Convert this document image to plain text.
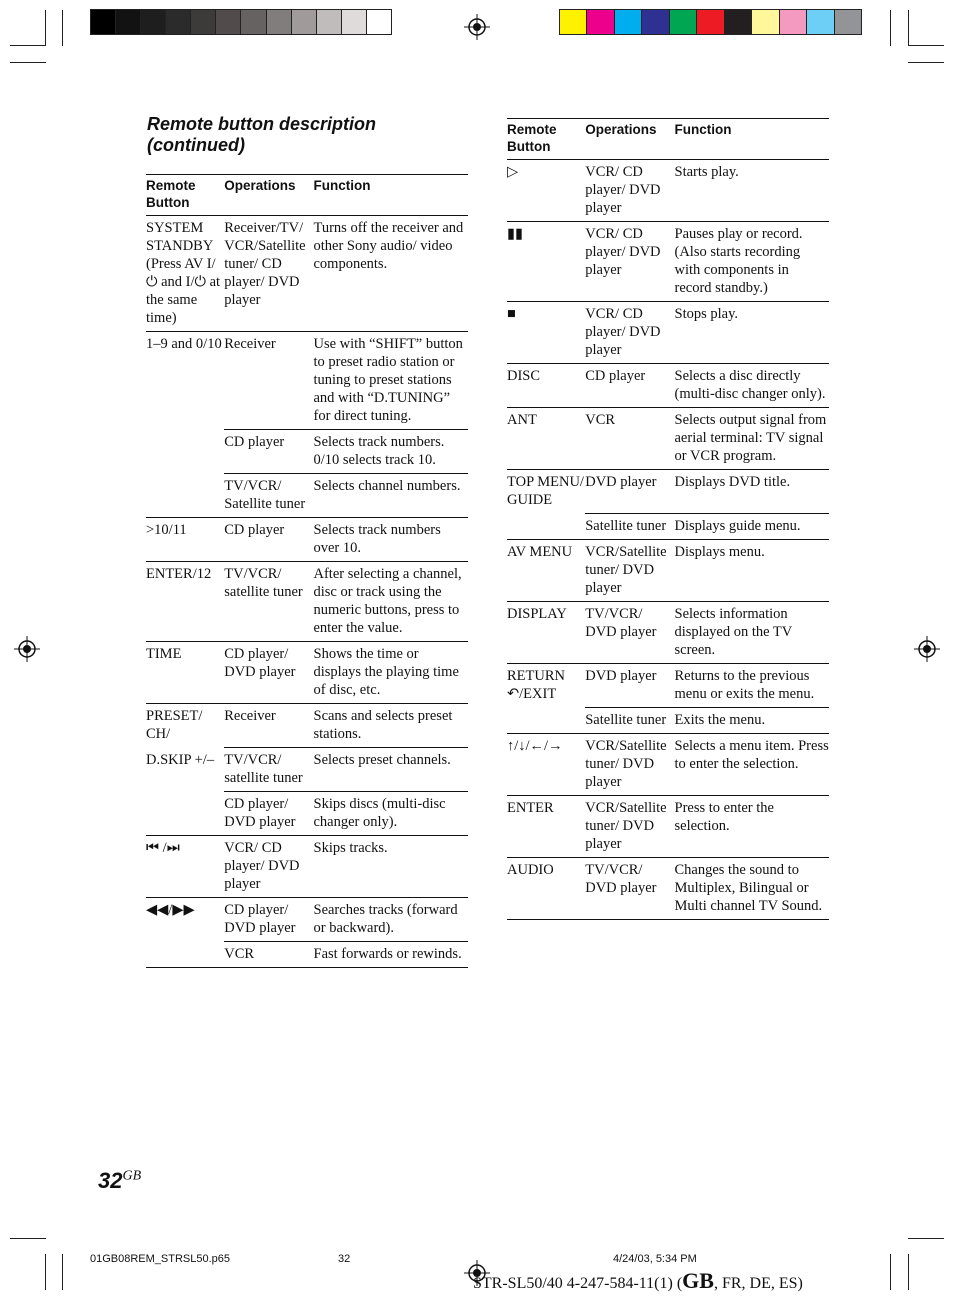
Remote button description
(continued)
Remote Button	Operations	Function
SYSTEM STANDBY (Press AV I/⏻ and I/⏻ at the same time)	Receiver/TV/ VCR/Satellite tuner/ CD player/ DVD player	Turns off the receiver and other Sony audio/ video components.
1–9 and 0/10	Receiver	Use with “SHIFT” button to preset radio station or tuning to preset stations and with “D.TUNING” for direct tuning.
	CD player	Selects track numbers. 0/10 selects track 10.
	TV/VCR/ Satellite tuner	Selects channel numbers.
>10/11	CD player	Selects track numbers over 10.
ENTER/12	TV/VCR/ satellite tuner	After selecting a channel, disc or track using the numeric buttons, press to enter the value.
TIME	CD player/ DVD player	Shows the time or displays the playing time of disc, etc.
PRESET/ CH/	Receiver	Scans and selects preset stations.
D.SKIP +/–	TV/VCR/ satellite tuner	Selects preset channels.
	CD player/ DVD player	Skips discs (multi-disc changer only).
⏮ /⏭	VCR/ CD player/ DVD player	Skips tracks.
◀◀/▶▶	CD player/ DVD player	Searches tracks (forward or backward).
	VCR	Fast forwards or rewinds.
Remote Button	Operations	Function
▷	VCR/ CD player/ DVD player	Starts play.
▮▮	VCR/ CD player/ DVD player	Pauses play or record. (Also starts recording with components in record standby.)
■	VCR/ CD player/ DVD player	Stops play.
DISC	CD player	Selects a disc directly (multi-disc changer only).
ANT	VCR	Selects output signal from aerial terminal: TV signal or VCR program.
TOP MENU/ GUIDE	DVD player	Displays DVD title.
	Satellite tuner	Displays guide menu.
AV MENU	VCR/Satellite tuner/ DVD player	Displays menu.
DISPLAY	TV/VCR/ DVD player	Selects information displayed on the TV screen.
RETURN ↶/EXIT	DVD player	Returns to the previous menu or exits the menu.
	Satellite tuner	Exits the menu.
↑/↓/←/→	VCR/Satellite tuner/ DVD player	Selects a menu item. Press to enter the selection.
ENTER	VCR/Satellite tuner/ DVD player	Press to enter the selection.
AUDIO	TV/VCR/ DVD player	Changes the sound to Multiplex, Bilingual or Multi channel TV Sound.
$32^{GB}$
01GB08REM_STRSL50.p65	32	4/24/03, 5:34 PM
STR-SL50/40 4-247-584-11(1) (GB, FR, DE, ES)
